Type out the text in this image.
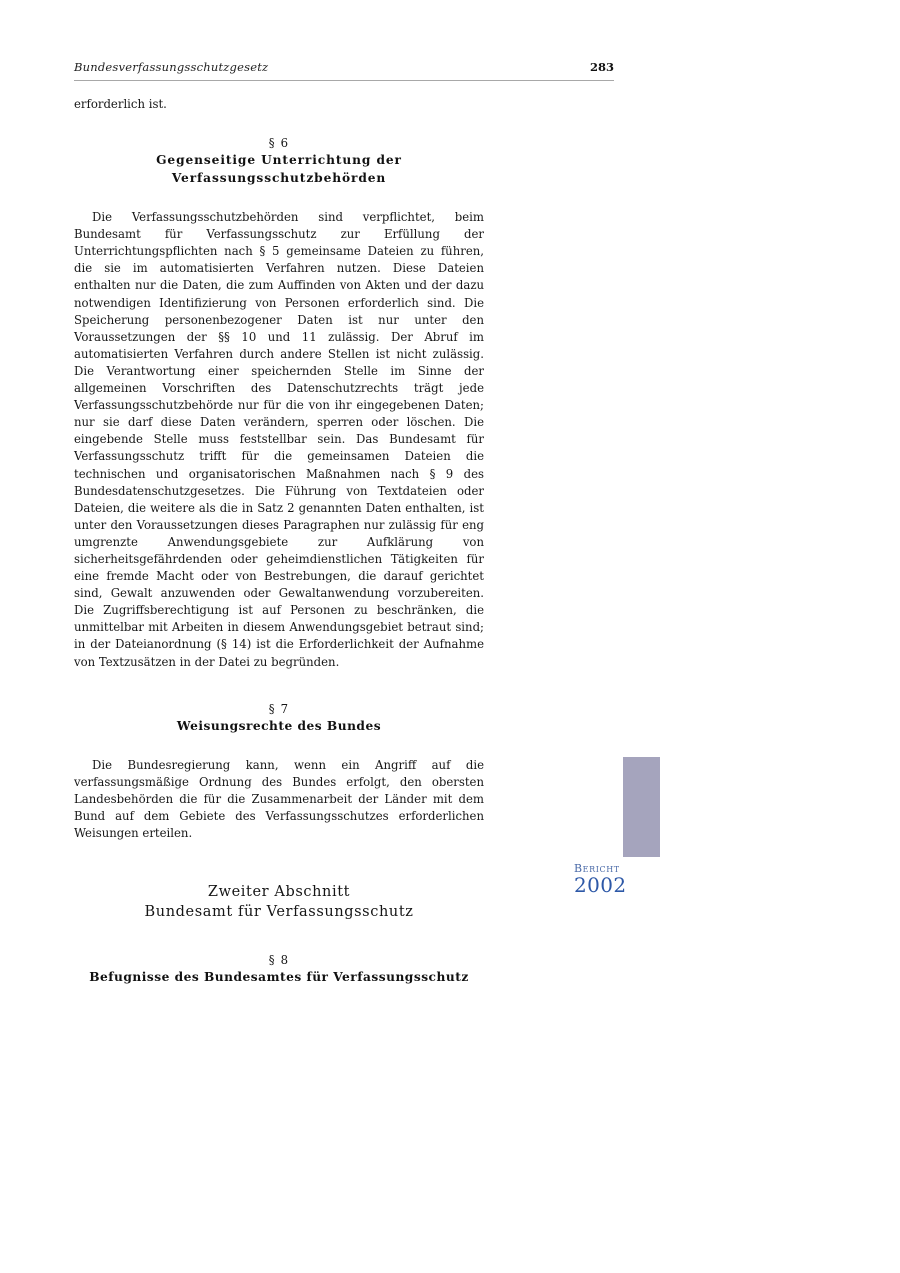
Bundesverfassungsschutzgesetz	283

erforderlich ist.

§ 6
Gegenseitige Unterrichtung der Verfassungsschutzbehörden

Die Verfassungsschutzbehörden sind verpflichtet, beim Bundesamt für Verfassungsschutz zur Erfüllung der Unterrichtungspflichten nach § 5 gemeinsame Dateien zu führen, die sie im automatisierten Verfahren nutzen. Diese Dateien enthalten nur die Daten, die zum Auffinden von Akten und der dazu notwendigen Identifizierung von Personen erforderlich sind. Die Speicherung personenbezogener Daten ist nur unter den Voraussetzungen der §§ 10 und 11 zulässig. Der Abruf im automatisierten Verfahren durch andere Stellen ist nicht zulässig. Die Verantwortung einer speichernden Stelle im Sinne der allgemeinen Vorschriften des Datenschutzrechts trägt jede Verfassungsschutzbehörde nur für die von ihr eingegebenen Daten; nur sie darf diese Daten verändern, sperren oder löschen. Die eingebende Stelle muss feststellbar sein. Das Bundesamt für Verfassungsschutz trifft für die gemeinsamen Dateien die technischen und organisatorischen Maßnahmen nach § 9 des Bundesdatenschutzgesetzes. Die Führung von Textdateien oder Dateien, die weitere als die in Satz 2 genannten Daten enthalten, ist unter den Voraussetzungen dieses Paragraphen nur zulässig für eng umgrenzte Anwendungsgebiete zur Aufklärung von sicherheitsgefährdenden oder geheimdienstlichen Tätigkeiten für eine fremde Macht oder von Bestrebungen, die darauf gerichtet sind, Gewalt anzuwenden oder Gewaltanwendung vorzubereiten. Die Zugriffsberechtigung ist auf Personen zu beschränken, die unmittelbar mit Arbeiten in diesem Anwendungsgebiet betraut sind; in der Dateianordnung (§ 14) ist die Erforderlichkeit der Aufnahme von Textzusätzen in der Datei zu begründen.

§ 7
Weisungsrechte des Bundes

Die Bundesregierung kann, wenn ein Angriff auf die verfassungsmäßige Ordnung des Bundes erfolgt, den obersten Landesbehörden die für die Zusammenarbeit der Länder mit dem Bund auf dem Gebiete des Verfassungsschutzes erforderlichen Weisungen erteilen.

Zweiter Abschnitt
Bundesamt für Verfassungsschutz
§ 8
Befugnisse des Bundesamtes für Verfassungsschutz
Bericht
2002
